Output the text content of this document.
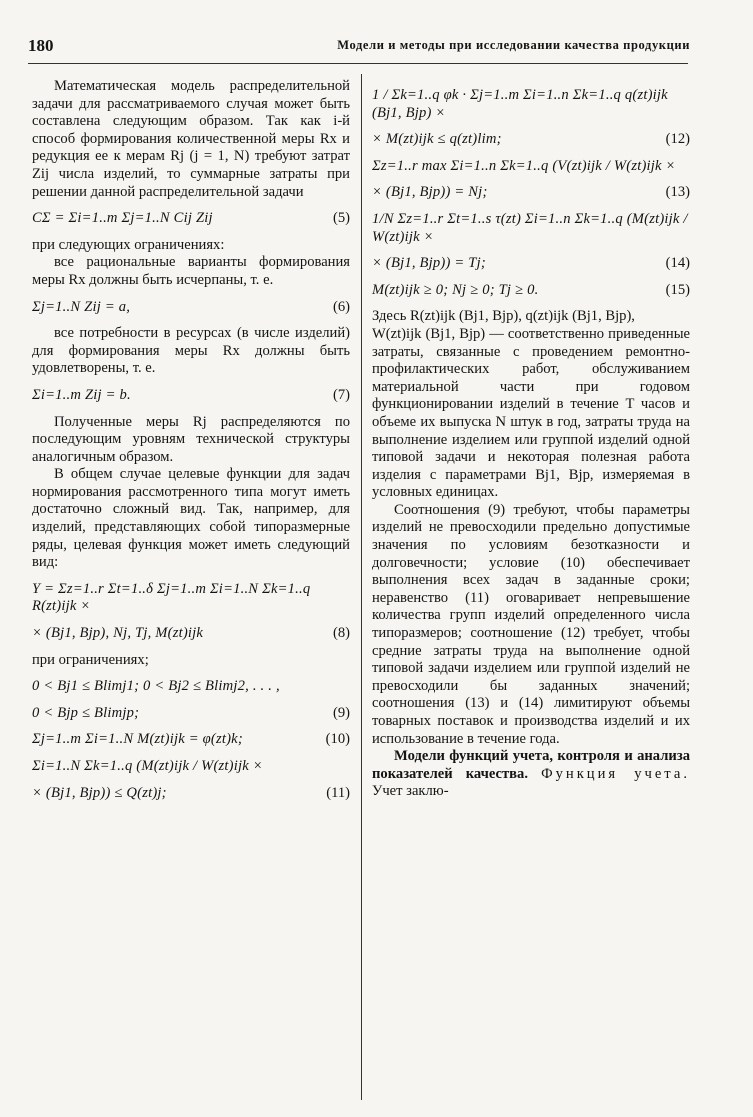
180	Модели и методы при исследовании качества продукции

Математическая модель распределительной задачи для рассматриваемого случая может быть составлена следующим образом. Так как i-й способ формирования количественной меры Rx и редукция ее к мерам Rj (j = 1, N) требуют затрат Zij числа изделий, то суммарные затраты при решении данной распределительной задачи

CΣ = Σi=1..m Σj=1..N Cij Zij	(5)

при следующих ограничениях:

все рациональные варианты формирования меры Rx должны быть исчерпаны, т. е.

Σj=1..N Zij = a,	(6)

все потребности в ресурсах (в числе изделий) для формирования меры Rx должны быть удовлетворены, т. е.

Σi=1..m Zij = b.	(7)

Полученные меры Rj распределяются по последующим уровням технической структуры аналогичным образом.

В общем случае целевые функции для задач нормирования рассмотренного типа могут иметь достаточно сложный вид. Так, например, для изделий, представляющих собой типоразмерные ряды, целевая функция может иметь следующий вид:

Y = Σz=1..r Σt=1..δ Σj=1..m Σi=1..N Σk=1..q R(zt)ijk ×
× (Bj1, Bjp), Nj, Tj, M(zt)ijk	(8)

при ограничениях;

0 < Bj1 ≤ Blimj1; 0 < Bj2 ≤ Blimj2, . . . ,
0 < Bjp ≤ Blimjp;	(9)
Σj=1..m Σi=1..N M(zt)ijk = φ(zt)k;	(10)
Σi=1..N Σk=1..q (M(zt)ijk / W(zt)ijk ×
× (Bj1, Bjp)) ≤ Q(zt)j;	(11)
1 / Σk=1..q φk · Σj=1..m Σi=1..n Σk=1..q q(zt)ijk (Bj1, Bjp) ×
× M(zt)ijk ≤ q(zt)lim;	(12)
Σz=1..r max Σi=1..n Σk=1..q (V(zt)ijk / W(zt)ijk ×
× (Bj1, Bjp)) = Nj;	(13)
1/N Σz=1..r Σt=1..s τ(zt) Σi=1..n Σk=1..q (M(zt)ijk / W(zt)ijk ×
× (Bj1, Bjp)) = Tj;	(14)
M(zt)ijk ≥ 0; Nj ≥ 0; Tj ≥ 0.	(15)

Здесь R(zt)ijk (Bj1, Bjp), q(zt)ijk (Bj1, Bjp),

W(zt)ijk (Bj1, Bjp) — соответственно приведенные затраты, связанные с проведением ремонтно-профилактических работ, обслуживанием материальной части при годовом функционировании изделий в течение T часов и объеме их выпуска N штук в год, затраты труда на выполнение изделием или группой изделий одной типовой задачи и некоторая полезная работа изделия с параметрами Bj1, Bjp, измеряемая в условных единицах.

Соотношения (9) требуют, чтобы параметры изделий не превосходили предельно допустимые значения по условиям безотказности и долговечности; условие (10) обеспечивает выполнения всех задач в заданные сроки; неравенство (11) оговаривает непревышение количества групп изделий определенного числа типоразмеров; соотношение (12) требует, чтобы средние затраты труда на выполнение одной типовой задачи изделием или группой изделий не превосходили бы заданных значений; соотношения (13) и (14) лимитируют объемы товарных поставок и производства изделий и их использование в течение года.

Модели функций учета, контроля и анализа показателей качества. Функция учета. Учет заклю-
